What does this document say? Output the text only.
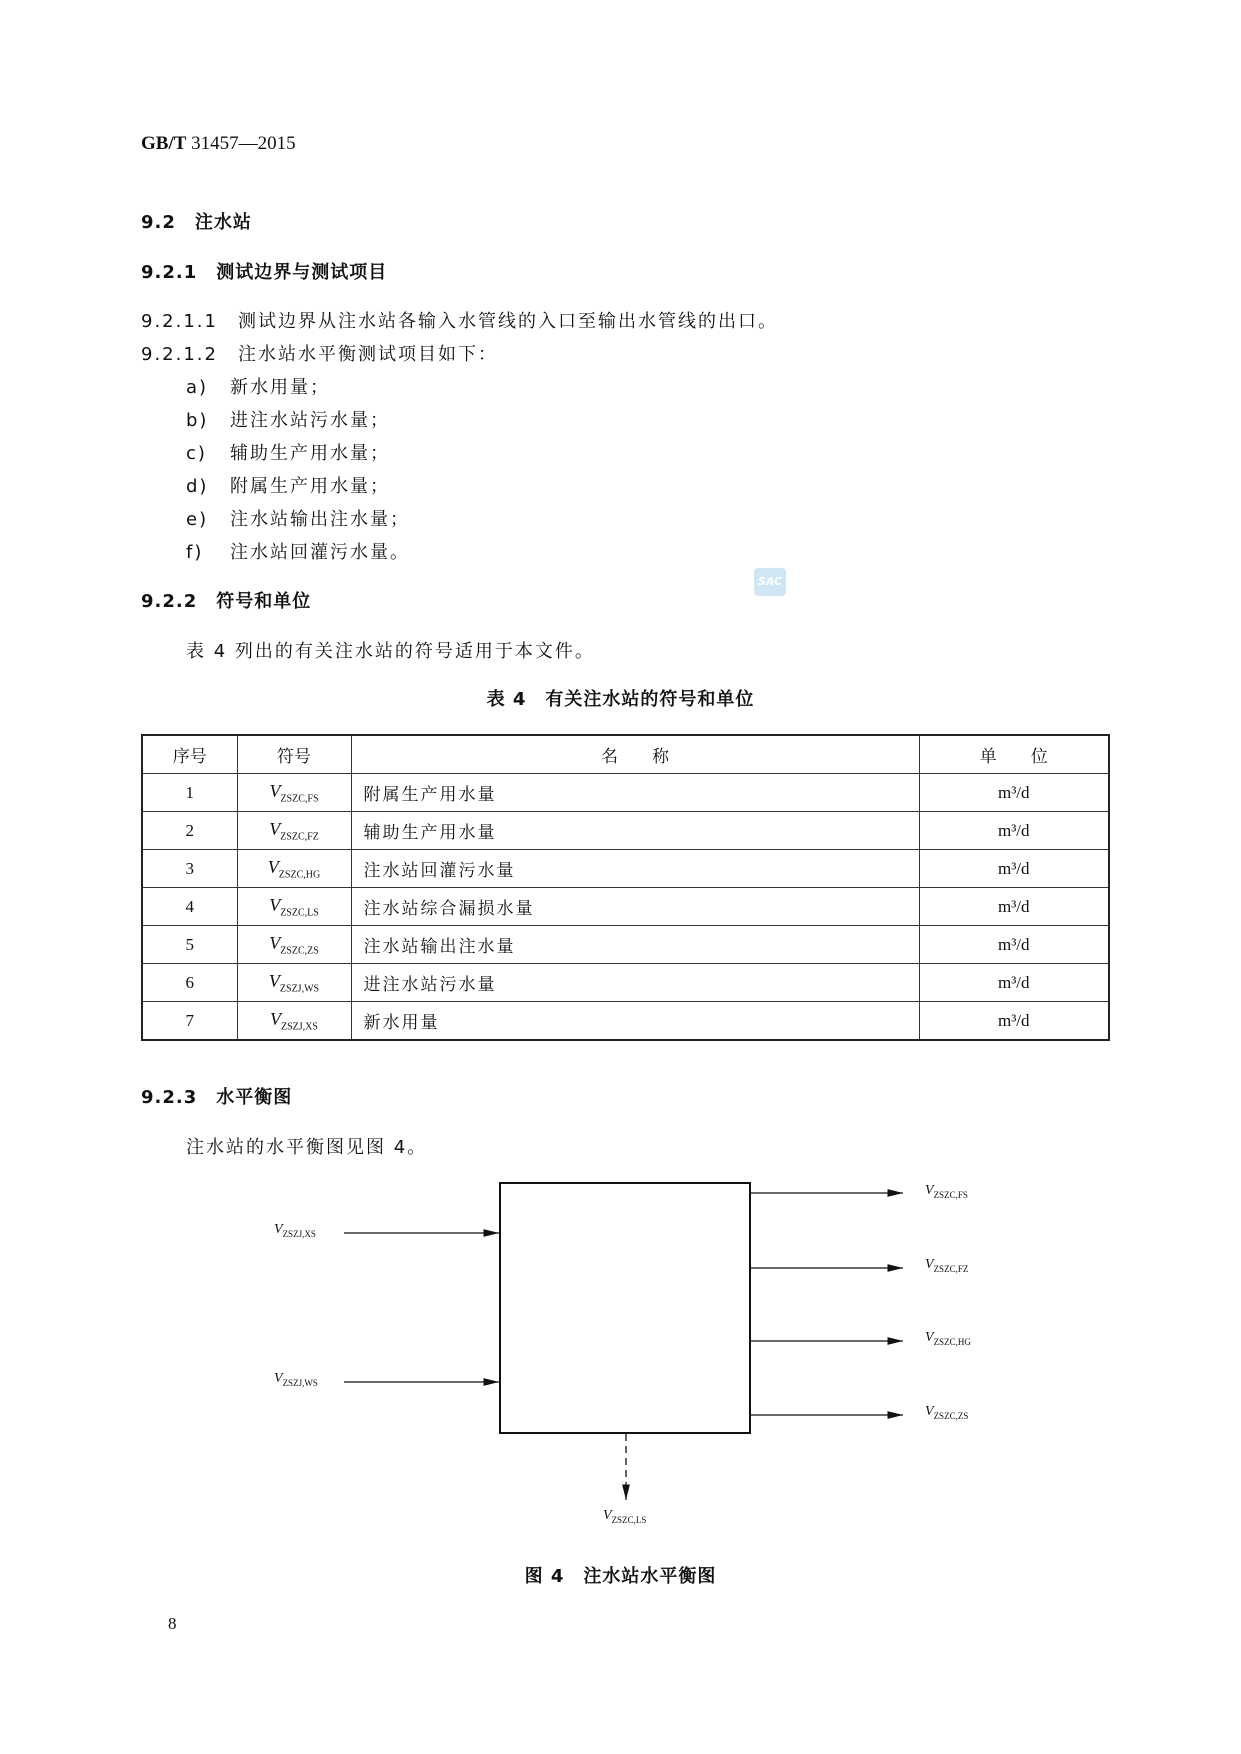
GB/T 31457—2015
9.2　 注水站
9.2.1　 测试边界与测试项目
9.2.1.1　 测试边界从注水站各输入水管线的入口至输出水管线的出口。
9.2.1.2　 注水站水平衡测试项目如下：
a) 新水用量；
b) 进注水站污水量；
c) 辅助生产用水量；
d) 附属生产用水量；
e) 注水站输出注水量；
f) 注水站回灌污水量。
9.2.2　 符号和单位
SAC
表 4 列出的有关注水站的符号适用于本文件。
表 4　有关注水站的符号和单位
序号	符号	名　　称	单　　位
1	$V_{ZSZC,FS}$	附属生产用水量	m³/d
2	$V_{ZSZC,FZ}$	辅助生产用水量	m³/d
3	$V_{ZSZC,HG}$	注水站回灌污水量	m³/d
4	$V_{ZSZC,LS}$	注水站综合漏损水量	m³/d
5	$V_{ZSZC,ZS}$	注水站输出注水量	m³/d
6	$V_{ZSZJ,WS}$	进注水站污水量	m³/d
7	$V_{ZSZJ,XS}$	新水用量	m³/d
9.2.3　 水平衡图
注水站的水平衡图见图 4。
$V_{ZSZJ,XS}$
$V_{ZSZJ,WS}$
$V_{ZSZC,FS}$
$V_{ZSZC,FZ}$
$V_{ZSZC,HG}$
$V_{ZSZC,ZS}$
$V_{ZSZC,LS}$
图 4　注水站水平衡图
8
